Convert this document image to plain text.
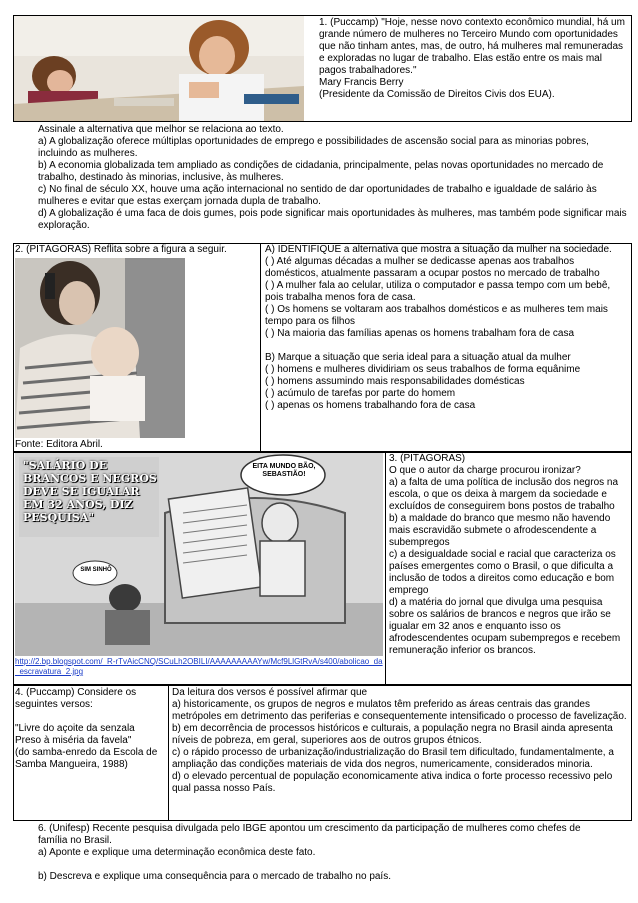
1. (Puccamp) "Hoje, nesse novo contexto econômico mundial, há um grande número de mulheres no Terceiro Mundo com oportunidades que não tinham antes, mas, de outro, há mulheres mal remuneradas e exploradas no lugar de trabalho. Elas estão entre os mais mal pagos trabalhadores."

Mary Francis Berry

(Presidente da Comissão de Direitos Civis dos EUA).

Assinale a alternativa que melhor se relaciona ao texto.

a) A globalização oferece múltiplas oportunidades de emprego e possibilidades de ascensão social para as minorias pobres, incluindo as mulheres.

b) A economia globalizada tem ampliado as condições de cidadania, principalmente, pelas novas oportunidades no mercado de trabalho, destinado às minorias, inclusive, às mulheres.

c) No final de século XX, houve uma ação internacional no sentido de dar oportunidades de trabalho e igualdade de salário às mulheres e evitar que estas exerçam jornada dupla de trabalho.

d) A globalização é uma faca de dois gumes, pois pode significar mais oportunidades às mulheres, mas também pode significar mais exploração.

2. (PITÁGORAS) Reflita sobre a figura a seguir.
Fonte: Editora Abril.

A) IDENTIFIQUE a alternativa que mostra a situação da mulher na sociedade.

( ) Até algumas décadas a mulher se dedicasse apenas aos trabalhos domésticos, atualmente passaram a ocupar postos no mercado de trabalho

( ) A mulher fala ao celular, utiliza o computador e passa tempo com um bebê, pois trabalha menos fora de casa.

( ) Os homens se voltaram aos trabalhos domésticos e as mulheres tem mais tempo para os filhos

( ) Na maioria das famílias apenas os homens trabalham fora de casa

B) Marque a situação que seria ideal para a situação atual da mulher

( ) homens e mulheres dividiriam os seus trabalhos de forma equânime

( ) homens assumindo mais responsabilidades domésticas

( ) acúmulo de tarefas por parte do homem

( ) apenas os homens trabalhando fora de casa

"SALÁRIO DE BRANCOS E NEGROS DEVE SE IGUALAR EM 32 ANOS, DIZ PESQUISA"
EITA MUNDO BÃO, SEBASTIÃO!
SIM SINHÔ
http://2.bp.blogspot.com/_R-rTvAicCNQ/SCuLh2OBILI/AAAAAAAAAYw/Mcf9LlGtRvA/s400/abolicao_da_escravatura_2.jpg

3. (PITÁGORAS)

O que o autor da charge procurou ironizar?

a) a falta de uma política de inclusão dos negros na escola, o que os deixa à margem da sociedade e excluídos de conseguirem bons postos de trabalho

b) a maldade do branco que mesmo não havendo mais escravidão submete o afrodescendente a subempregos

c) a desigualdade social e racial que caracteriza os países emergentes como o Brasil, o que dificulta a inclusão de todos a direitos como educação e bom emprego

d) a matéria do jornal que divulga uma pesquisa sobre os salários de brancos e negros que irão se igualar em 32 anos e enquanto isso os afrodescendentes ocupam subempregos e recebem remuneração inferior os brancos.

4. (Puccamp) Considere os seguintes versos:

"Livre do açoite da senzala

Preso à miséria da favela"

(do samba-enredo da Escola de Samba Mangueira, 1988)

Da leitura dos versos é possível afirmar que

a) historicamente, os grupos de negros e mulatos têm preferido as áreas centrais das grandes metrópoles em detrimento das periferias e consequentemente intensificado o processo de favelização.

b) em decorrência de processos históricos e culturais, a população negra no Brasil ainda apresenta níveis de pobreza, em geral, superiores aos de outros grupos étnicos.

c) o rápido processo de urbanização/industrialização do Brasil tem dificultado, fundamentalmente, a ampliação das condições materiais de vida dos negros, numericamente, considerados minoria.

d) o elevado percentual de população economicamente ativa indica o forte processo recessivo pelo qual passa nosso País.

6. (Unifesp) Recente pesquisa divulgada pelo IBGE apontou um crescimento da participação de mulheres como chefes de família no Brasil.

a) Aponte e explique uma determinação econômica deste fato.

b) Descreva e explique uma consequência para o mercado de trabalho no país.
